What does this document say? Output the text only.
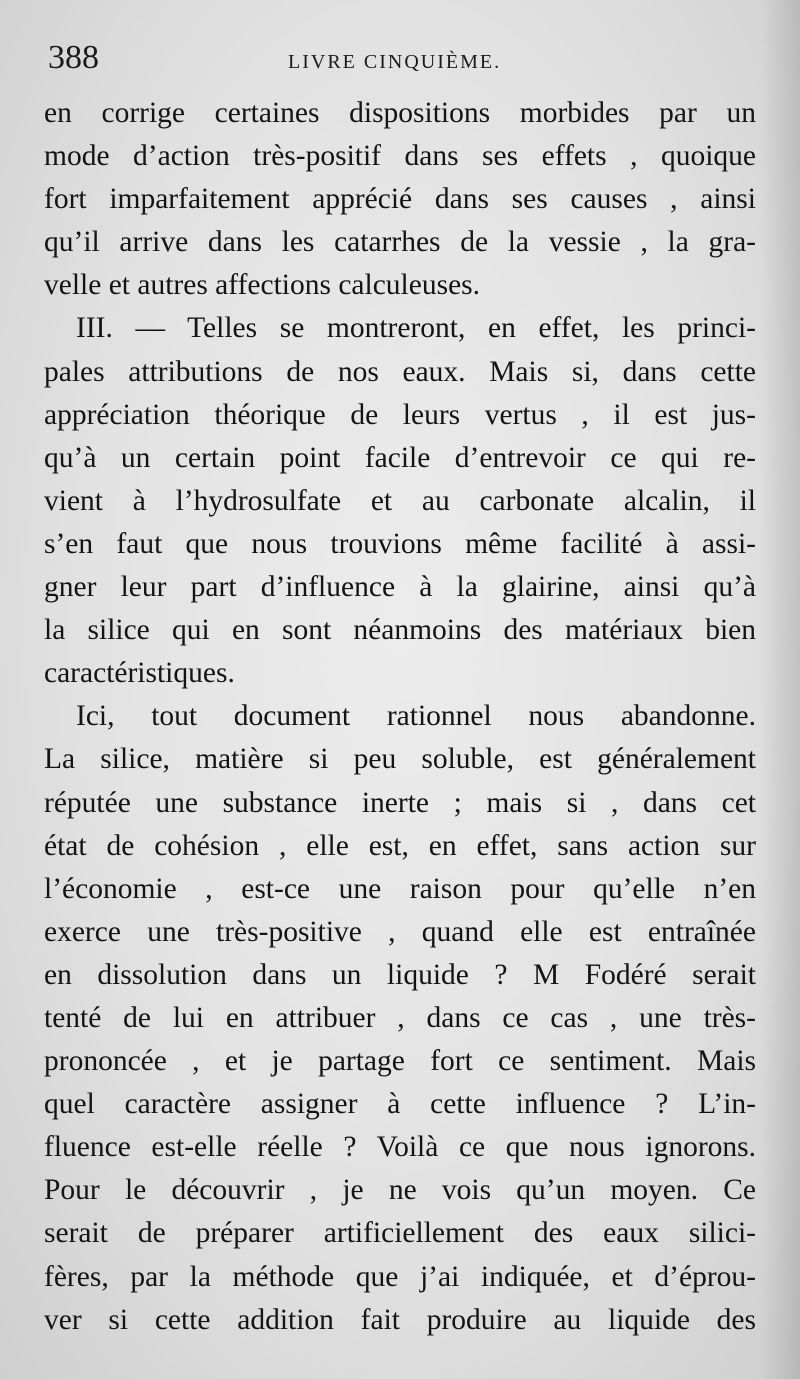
388	LIVRE CINQUIÈME.
en corrige certaines dispositions morbides par un
mode d’action très-positif dans ses effets , quoique
fort imparfaitement apprécié dans ses causes , ainsi
qu’il arrive dans les catarrhes de la vessie , la gra-
velle et autres affections calculeuses.
III. — Telles se montreront, en effet, les princi-
pales attributions de nos eaux. Mais si, dans cette
appréciation théorique de leurs vertus , il est jus-
qu’à un certain point facile d’entrevoir ce qui re-
vient à l’hydrosulfate et au carbonate alcalin, il
s’en faut que nous trouvions même facilité à assi-
gner leur part d’influence à la glairine, ainsi qu’à
la silice qui en sont néanmoins des matériaux bien
caractéristiques.
Ici, tout document rationnel nous abandonne.
La silice, matière si peu soluble, est généralement
réputée une substance inerte ; mais si , dans cet
état de cohésion , elle est, en effet, sans action sur
l’économie , est-ce une raison pour qu’elle n’en
exerce une très-positive , quand elle est entraînée
en dissolution dans un liquide ? M Fodéré serait
tenté de lui en attribuer , dans ce cas , une très-
prononcée , et je partage fort ce sentiment. Mais
quel caractère assigner à cette influence ? L’in-
fluence est-elle réelle ? Voilà ce que nous ignorons.
Pour le découvrir , je ne vois qu’un moyen. Ce
serait de préparer artificiellement des eaux silici-
fères, par la méthode que j’ai indiquée, et d’éprou-
ver si cette addition fait produire au liquide des
